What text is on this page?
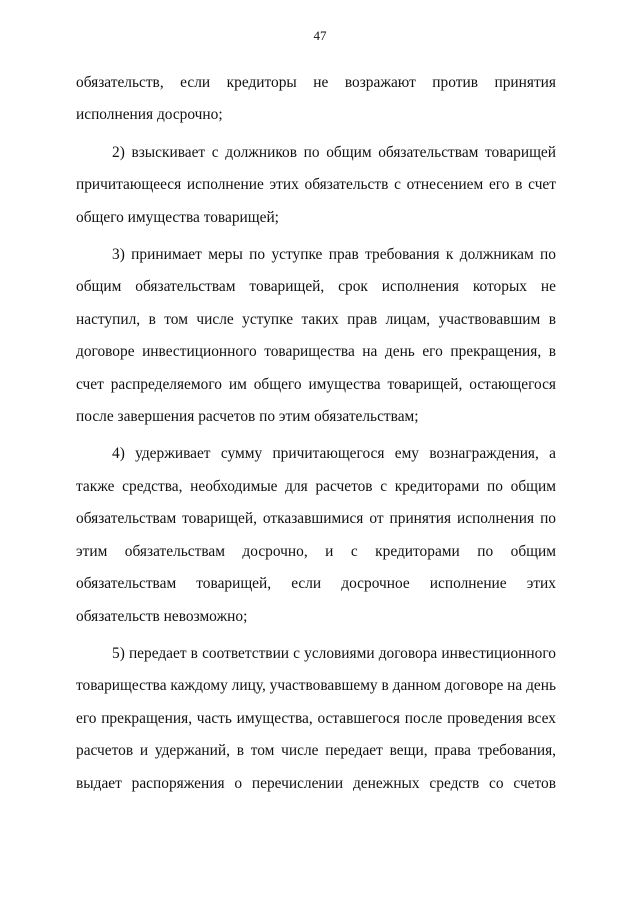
47

обязательств, если кредиторы не возражают против принятия исполнения досрочно;

2) взыскивает с должников по общим обязательствам товарищей причитающееся исполнение этих обязательств с отнесением его в счет общего имущества товарищей;

3) принимает меры по уступке прав требования к должникам по общим обязательствам товарищей, срок исполнения которых не наступил, в том числе уступке таких прав лицам, участвовавшим в договоре инвестиционного товарищества на день его прекращения, в счет распределяемого им общего имущества товарищей, остающегося после завершения расчетов по этим обязательствам;

4) удерживает сумму причитающегося ему вознаграждения, а также средства, необходимые для расчетов с кредиторами по общим обязательствам товарищей, отказавшимися от принятия исполнения по этим обязательствам досрочно, и с кредиторами по общим обязательствам товарищей, если досрочное исполнение этих обязательств невозможно;

5) передает в соответствии с условиями договора инвестиционного товарищества каждому лицу, участвовавшему в данном договоре на день его прекращения, часть имущества, оставшегося после проведения всех расчетов и удержаний, в том числе передает вещи, права требования, выдает распоряжения о перечислении денежных средств со счетов
